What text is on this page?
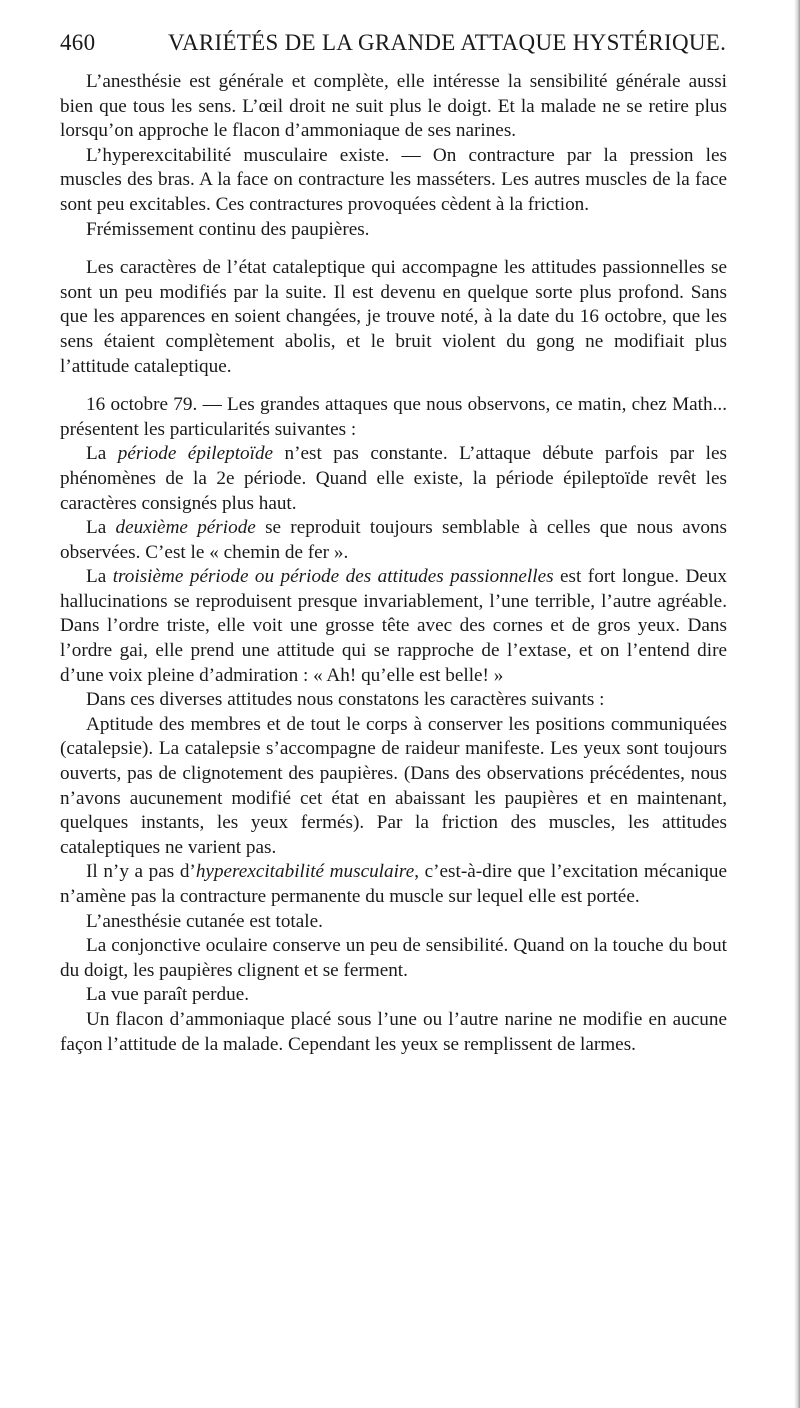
460	VARIÉTÉS DE LA GRANDE ATTAQUE HYSTÉRIQUE.

L’anesthésie est générale et complète, elle intéresse la sensibilité générale aussi bien que tous les sens. L’œil droit ne suit plus le doigt. Et la malade ne se retire plus lorsqu’on approche le flacon d’ammoniaque de ses narines.

L’hyperexcitabilité musculaire existe. — On contracture par la pression les muscles des bras. A la face on contracture les masséters. Les autres muscles de la face sont peu excitables. Ces contractures provoquées cèdent à la friction.

Frémissement continu des paupières.

Les caractères de l’état cataleptique qui accompagne les attitudes passionnelles se sont un peu modifiés par la suite. Il est devenu en quelque sorte plus profond. Sans que les apparences en soient changées, je trouve noté, à la date du 16 octobre, que les sens étaient complètement abolis, et le bruit violent du gong ne modifiait plus l’attitude cataleptique.

16 octobre 79. — Les grandes attaques que nous observons, ce matin, chez Math... présentent les particularités suivantes :

La période épileptoïde n’est pas constante. L’attaque débute parfois par les phénomènes de la 2e période. Quand elle existe, la période épileptoïde revêt les caractères consignés plus haut.

La deuxième période se reproduit toujours semblable à celles que nous avons observées. C’est le « chemin de fer ».

La troisième période ou période des attitudes passionnelles est fort longue. Deux hallucinations se reproduisent presque invariablement, l’une terrible, l’autre agréable. Dans l’ordre triste, elle voit une grosse tête avec des cornes et de gros yeux. Dans l’ordre gai, elle prend une attitude qui se rapproche de l’extase, et on l’entend dire d’une voix pleine d’admiration : « Ah! qu’elle est belle! »

Dans ces diverses attitudes nous constatons les caractères suivants :

Aptitude des membres et de tout le corps à conserver les positions communiquées (catalepsie). La catalepsie s’accompagne de raideur manifeste. Les yeux sont toujours ouverts, pas de clignotement des paupières. (Dans des observations précédentes, nous n’avons aucunement modifié cet état en abaissant les paupières et en maintenant, quelques instants, les yeux fermés). Par la friction des muscles, les attitudes cataleptiques ne varient pas.

Il n’y a pas d’hyperexcitabilité musculaire, c’est-à-dire que l’excitation mécanique n’amène pas la contracture permanente du muscle sur lequel elle est portée.

L’anesthésie cutanée est totale.

La conjonctive oculaire conserve un peu de sensibilité. Quand on la touche du bout du doigt, les paupières clignent et se ferment.

La vue paraît perdue.

Un flacon d’ammoniaque placé sous l’une ou l’autre narine ne modifie en aucune façon l’attitude de la malade. Cependant les yeux se remplissent de larmes.
